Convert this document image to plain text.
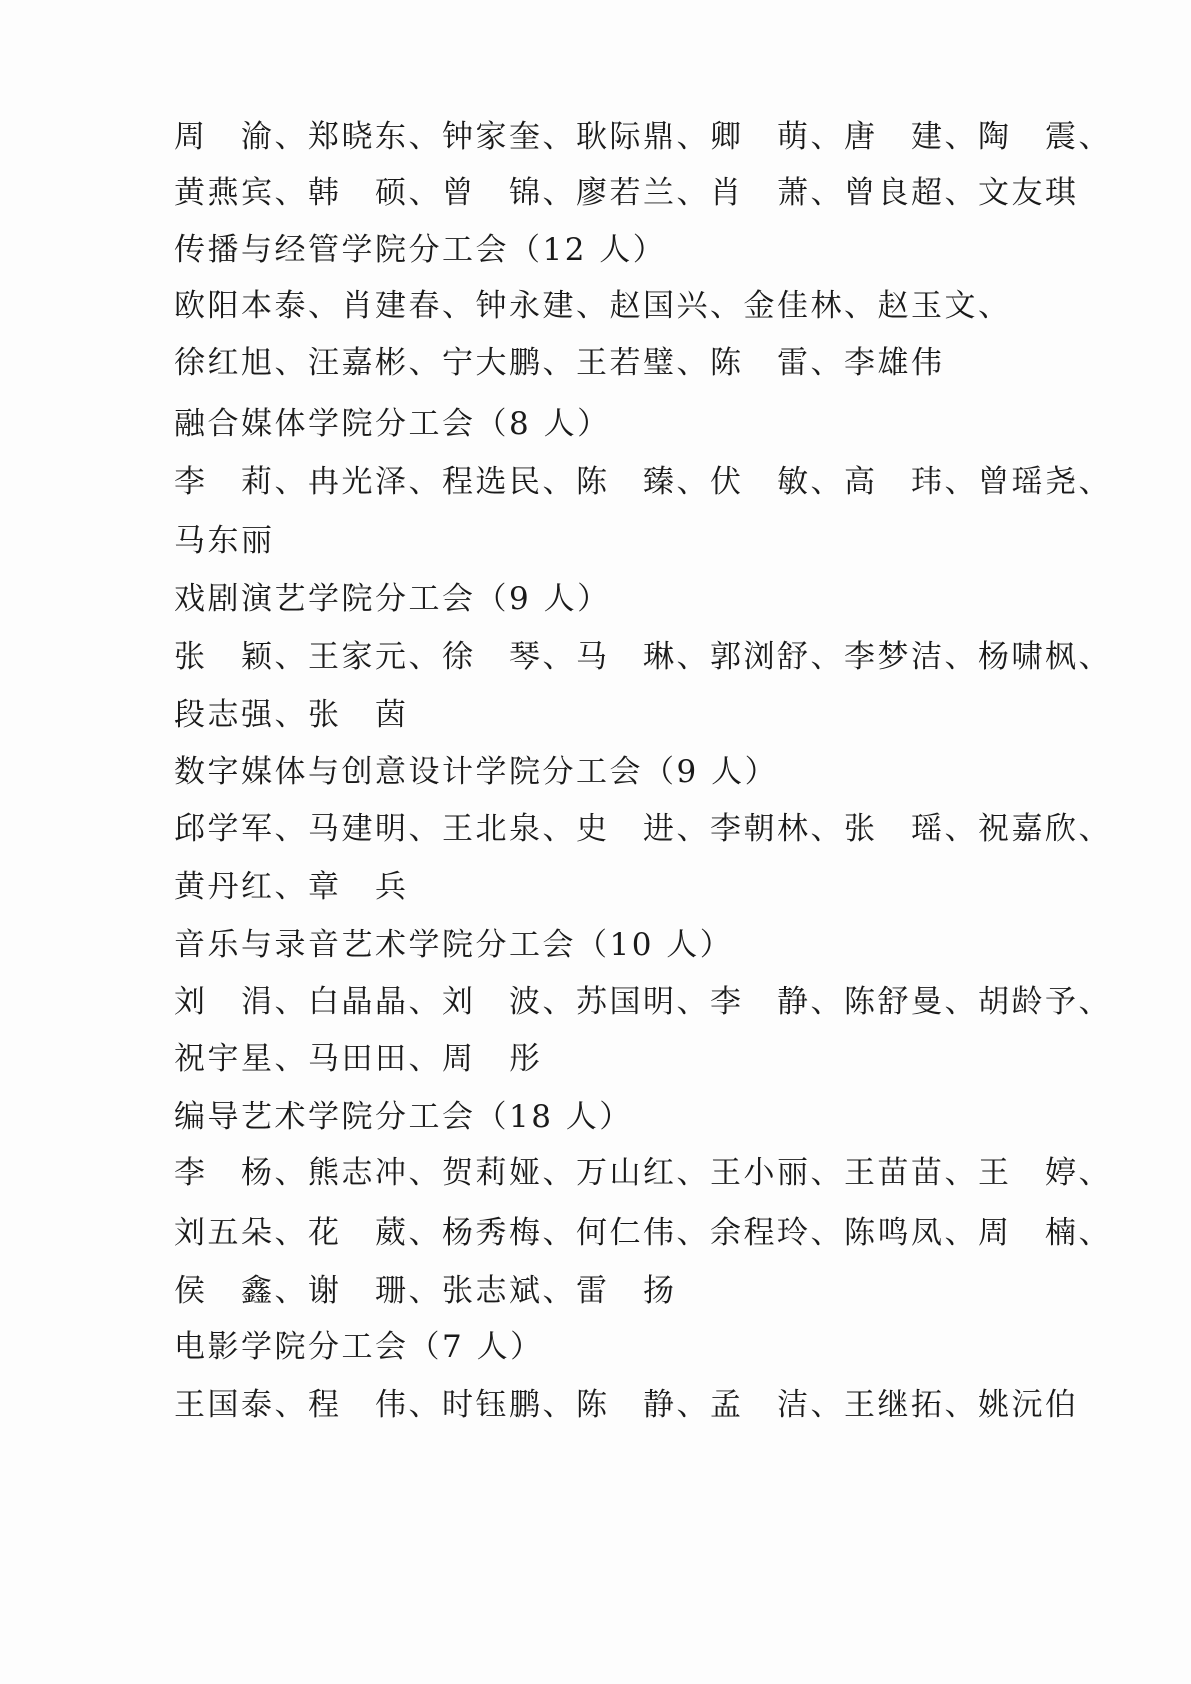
周　渝、郑晓东、钟家奎、耿际鼎、卿　萌、唐　建、陶　震、
黄燕宾、韩　硕、曾　锦、廖若兰、肖　萧、曾良超、文友琪
传播与经管学院分工会（12 人）
欧阳本泰、肖建春、钟永建、赵国兴、金佳林、赵玉文、
徐红旭、汪嘉彬、宁大鹏、王若璧、陈　雷、李雄伟
融合媒体学院分工会（8 人）
李　莉、冉光泽、程选民、陈　臻、伏　敏、高　玮、曾瑶尧、
马东丽
戏剧演艺学院分工会（9 人）
张　颖、王家元、徐　琴、马　琳、郭浏舒、李梦洁、杨啸枫、
段志强、张　茵
数字媒体与创意设计学院分工会（9 人）
邱学军、马建明、王北泉、史　进、李朝林、张　瑶、祝嘉欣、
黄丹红、章　兵
音乐与录音艺术学院分工会（10 人）
刘　涓、白晶晶、刘　波、苏国明、李　静、陈舒曼、胡龄予、
祝宇星、马田田、周　彤
编导艺术学院分工会（18 人）
李　杨、熊志冲、贺莉娅、万山红、王小丽、王苗苗、王　婷、
刘五朵、花　葳、杨秀梅、何仁伟、余程玲、陈鸣凤、周　楠、
侯　鑫、谢　珊、张志斌、雷　扬
电影学院分工会（7 人）
王国泰、程　伟、时钰鹏、陈　静、孟　洁、王继拓、姚沅伯
